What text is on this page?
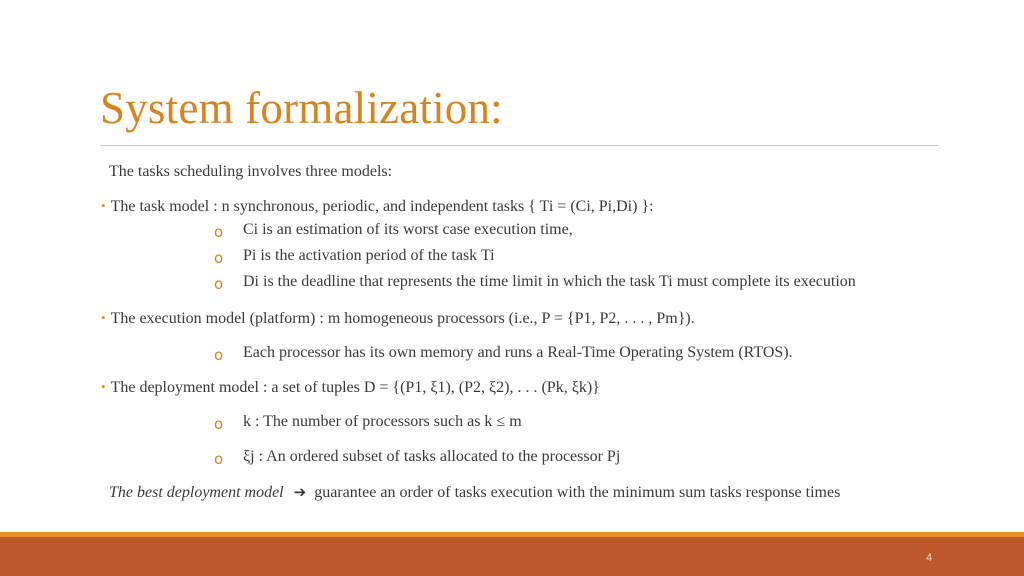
System formalization:
The tasks scheduling involves three models:
• The task model : n synchronous, periodic, and independent tasks { Ti = (Ci, Pi,Di) }:
o Ci is an estimation of its worst case execution time,
o Pi is the activation period of the task Ti
o Di is the deadline that represents the time limit in which the task Ti must complete its execution
• The execution model (platform) : m homogeneous processors (i.e., P = {P1, P2, . . . , Pm}).
o Each processor has its own memory and runs a Real-Time Operating System (RTOS).
• The deployment model : a set of tuples D = {(P1, ξ1), (P2, ξ2), . . . (Pk, ξk)}
o k : The number of processors such as k ≤ m
o ξj : An ordered subset of tasks allocated to the processor Pj
The best deployment model ➔ guarantee an order of tasks execution with the minimum sum tasks response times
4
